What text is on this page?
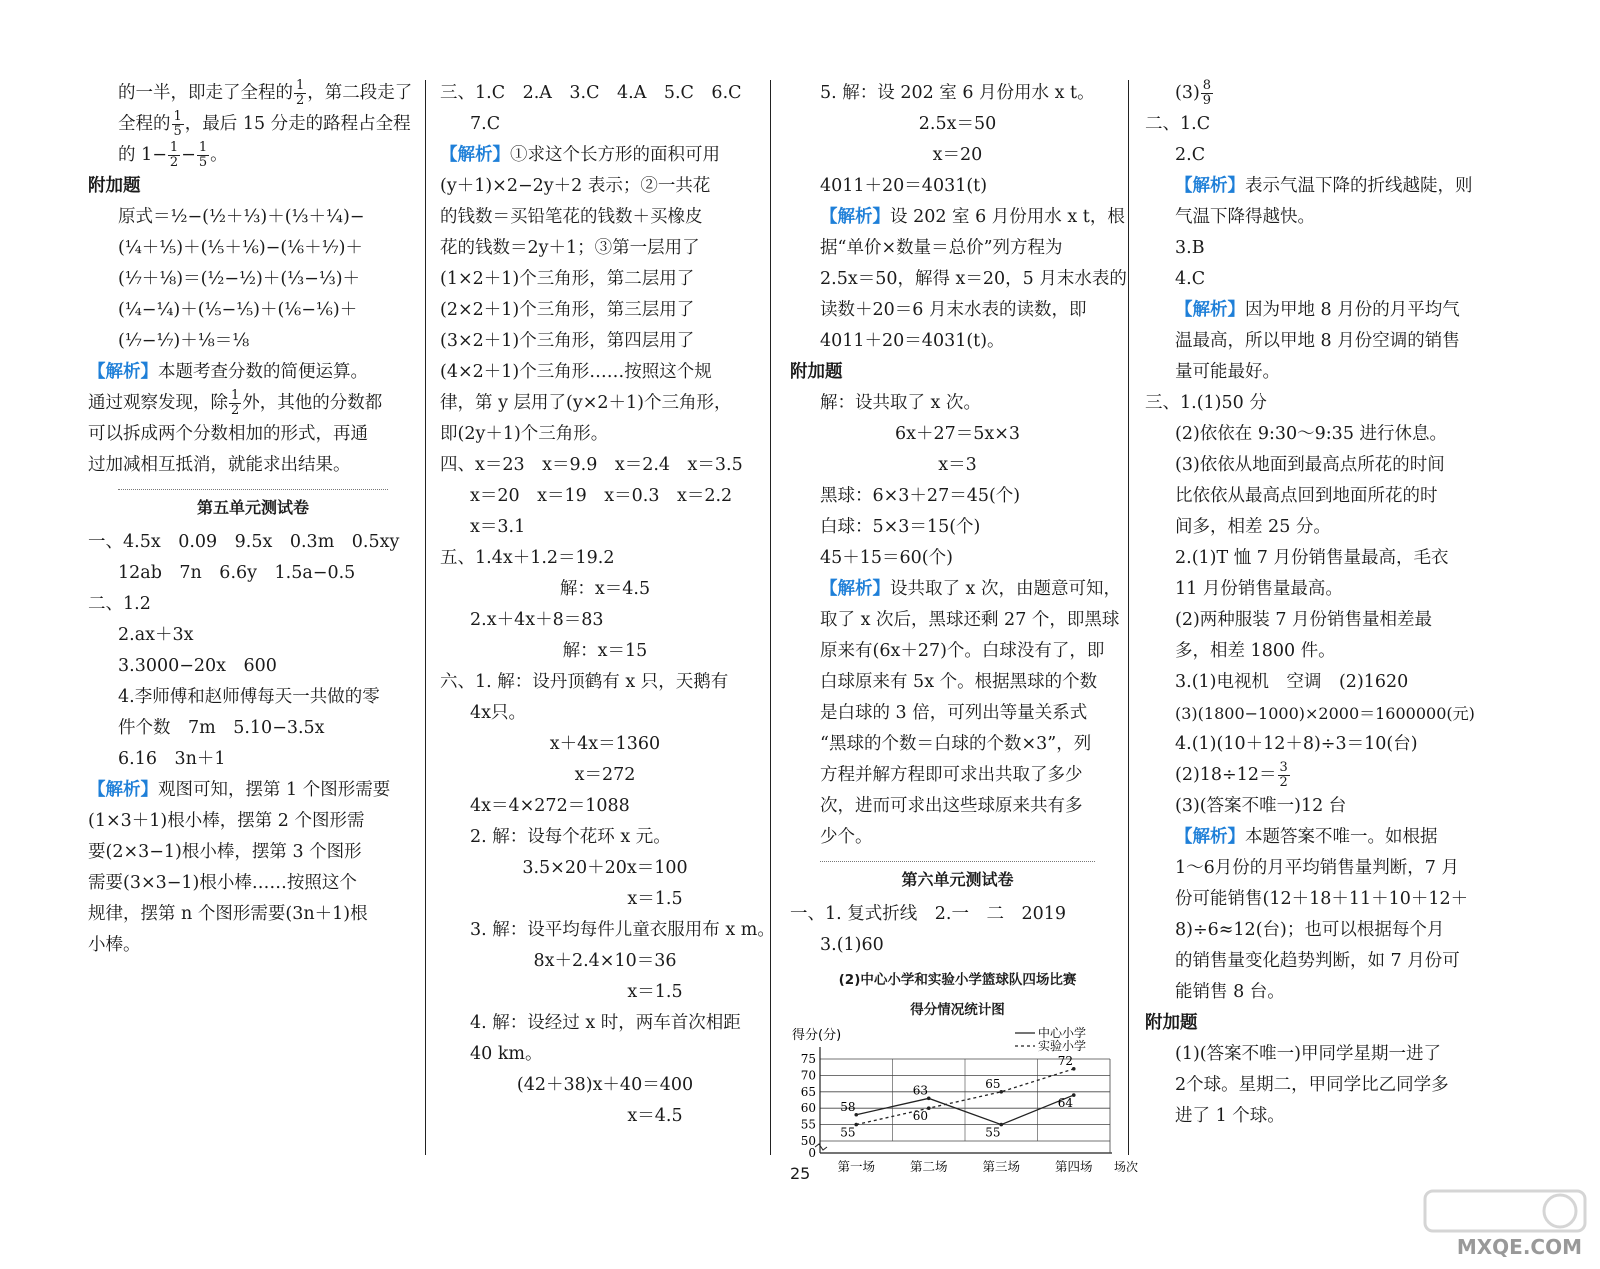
的一半，即走了全程的 $\frac{1}{2}$ ，第二段走了
全程的 $\frac{1}{5}$ ，最后 15 分走的路程占全程
的 $1- \frac{1}{2} - \frac{1}{5}$ 。
附加题
原式＝½−(½＋⅓)＋(⅓＋¼)−
(¼＋⅕)＋(⅕＋⅙)−(⅙＋⅐)＋
(⅐＋⅛)＝(½−½)＋(⅓−⅓)＋
(¼−¼)＋(⅕−⅕)＋(⅙−⅙)＋
(⅐−⅐)＋⅛＝⅛
【解析】本题考查分数的简便运算。
通过观察发现，除 $\frac{1}{2}$ 外，其他的分数都
可以拆成两个分数相加的形式，再通
过加减相互抵消，就能求出结果。
第五单元测试卷
一、4.5x　0.09　9.5x　0.3m　0.5xy
12ab　7n　6.6y　1.5a−0.5
二、1.2
2.ax＋3x
3.3000−20x　600
4.李师傅和赵师傅每天一共做的零
件个数　7m　5.10−3.5x
6.16　3n＋1
【解析】观图可知，摆第 1 个图形需要
(1×3＋1)根小棒，摆第 2 个图形需
要(2×3−1)根小棒，摆第 3 个图形
需要(3×3−1)根小棒……按照这个
规律，摆第 n 个图形需要(3n＋1)根
小棒。
三、1.C　2.A　3.C　4.A　5.C　6.C
7.C
【解析】①求这个长方形的面积可用
(y＋1)×2−2y＋2 表示；②一共花
的钱数＝买铅笔花的钱数＋买橡皮
花的钱数＝2y＋1；③第一层用了
(1×2＋1)个三角形，第二层用了
(2×2＋1)个三角形，第三层用了
(3×2＋1)个三角形，第四层用了
(4×2＋1)个三角形……按照这个规
律，第 y 层用了(y×2＋1)个三角形，
即(2y＋1)个三角形。
四、x＝23　x＝9.9　x＝2.4　x＝3.5
x＝20　x＝19　x＝0.3　x＝2.2
x＝3.1
五、1.4x＋1.2＝19.2
解：x＝4.5
2.x＋4x＋8＝83
解：x＝15
六、1. 解：设丹顶鹤有 x 只，天鹅有
4x只。
x＋4x＝1360
x＝272
4x＝4×272＝1088
2. 解：设每个花环 x 元。
3.5×20＋20x＝100
x＝1.5
3. 解：设平均每件儿童衣服用布 x m。
8x＋2.4×10＝36
x＝1.5
4. 解：设经过 x 时，两车首次相距
40 km。
(42＋38)x＋40＝400
x＝4.5
5. 解：设 202 室 6 月份用水 x t。
2.5x＝50
x＝20
4011＋20＝4031(t)
【解析】设 202 室 6 月份用水 x t，根
据“单价×数量＝总价”列方程为
2.5x＝50，解得 x＝20，5 月末水表的
读数＋20＝6 月末水表的读数，即
4011＋20＝4031(t)。
附加题
解：设共取了 x 次。
6x＋27＝5x×3
x＝3
黑球：6×3＋27＝45(个)
白球：5×3＝15(个)
45＋15＝60(个)
【解析】设共取了 x 次，由题意可知，
取了 x 次后，黑球还剩 27 个，即黑球
原来有(6x＋27)个。白球没有了，即
白球原来有 5x 个。根据黑球的个数
是白球的 3 倍，可列出等量关系式
“黑球的个数＝白球的个数×3”，列
方程并解方程即可求出共取了多少
次，进而可求出这些球原来共有多
少个。
第六单元测试卷
一、1. 复式折线　2.一　二　2019
3.(1)60
(2)中心小学和实验小学篮球队四场比赛
得分情况统计图
得分(分)
场次
0
50
55
60
65
70
75
第一场	第二场	第三场	第四场
58
63
55
64
55
60
65
72
中心小学
实验小学
$(3) \frac{8}{9}$
二、1.C
2.C
【解析】表示气温下降的折线越陡，则
气温下降得越快。
3.B
4.C
【解析】因为甲地 8 月份的月平均气
温最高，所以甲地 8 月份空调的销售
量可能最好。
三、1.(1)50 分
(2)依依在 9:30～9:35 进行休息。
(3)依依从地面到最高点所花的时间
比依依从最高点回到地面所花的时
间多，相差 25 分。
2.(1)T 恤 7 月份销售量最高，毛衣
11 月份销售量最高。
(2)两种服装 7 月份销售量相差最
多，相差 1800 件。
3.(1)电视机　空调　(2)1620
(3)(1800−1000)×2000＝1600000(元)
4.(1)(10＋12＋8)÷3＝10(台)
$(2)18\div 12= \frac{3}{2}$
(3)(答案不唯一)12 台
【解析】本题答案不唯一。如根据
1～6月份的月平均销售量判断，7 月
份可能销售(12＋18＋11＋10＋12＋
8)÷6≈12(台)；也可以根据每个月
的销售量变化趋势判断，如 7 月份可
能销售 8 台。
附加题
(1)(答案不唯一)甲同学星期一进了
2个球。星期二，甲同学比乙同学多
进了 1 个球。
25
MXQE.COM
